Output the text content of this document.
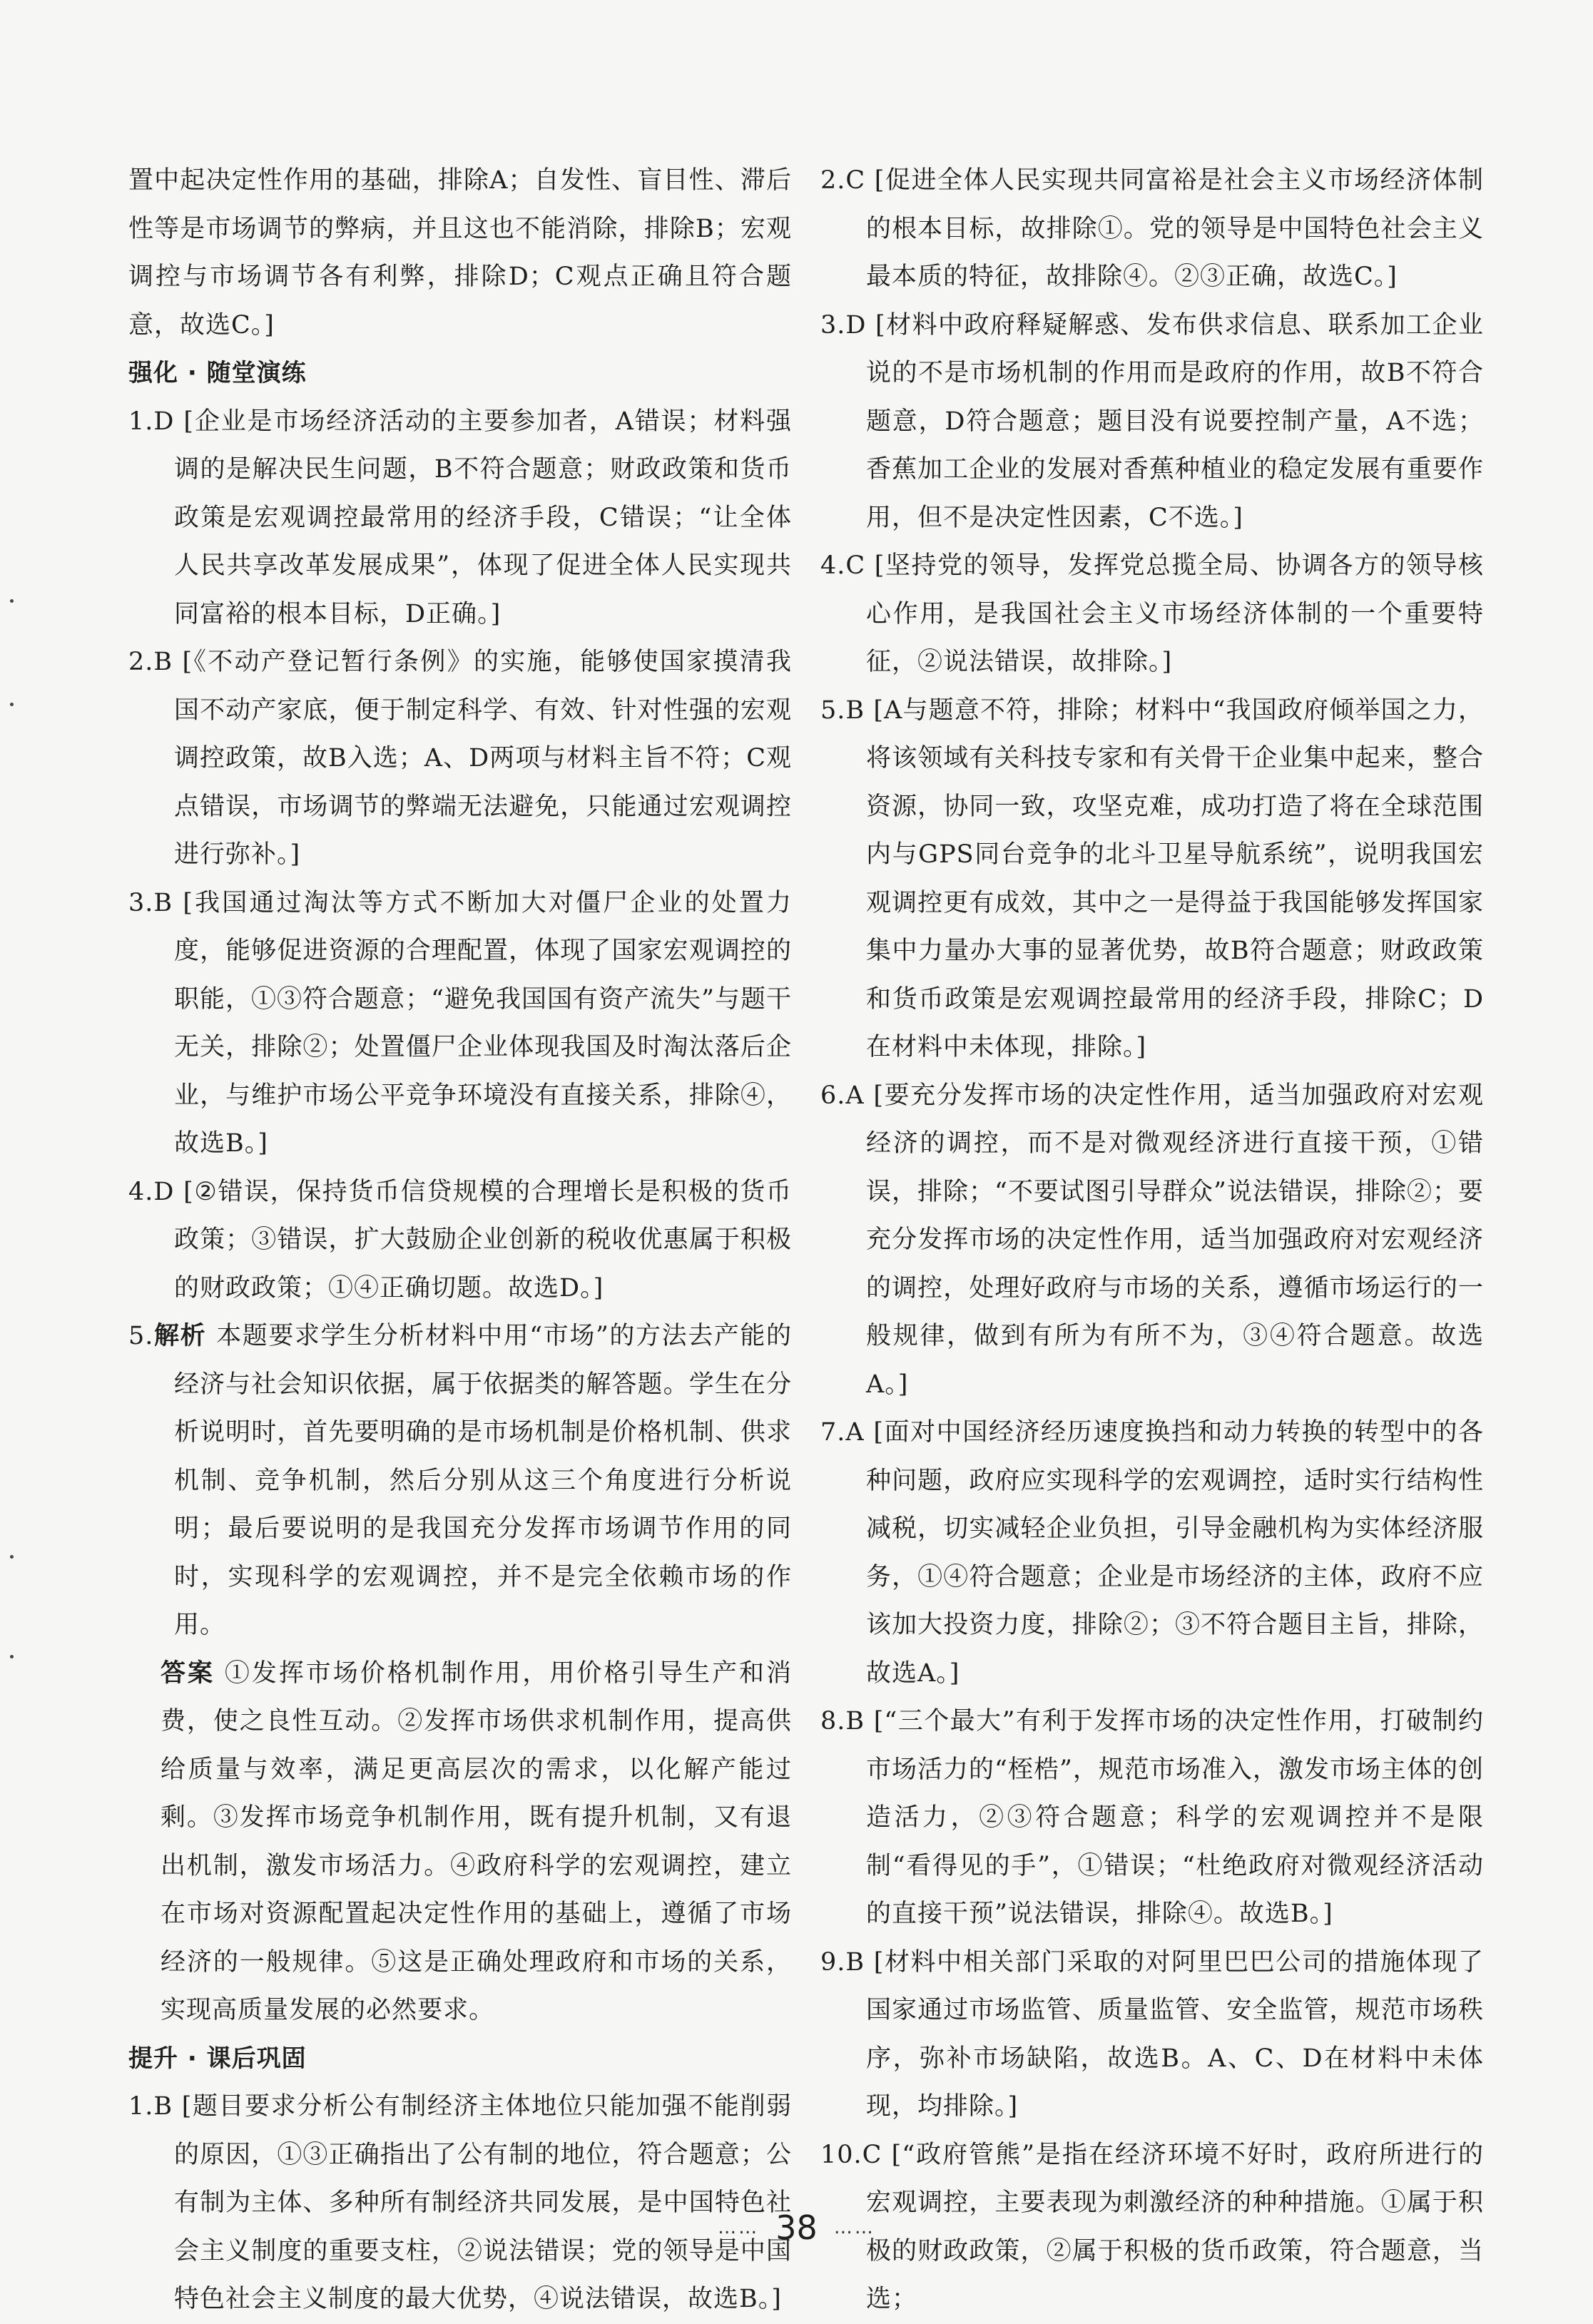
置中起决定性作用的基础，排除A；自发性、盲目性、滞后性等是市场调节的弊病，并且这也不能消除，排除B；宏观调控与市场调节各有利弊，排除D；C观点正确且符合题意，故选C。]
强化 · 随堂演练
1.D [企业是市场经济活动的主要参加者，A错误；材料强调的是解决民生问题，B不符合题意；财政政策和货币政策是宏观调控最常用的经济手段，C错误；“让全体人民共享改革发展成果”，体现了促进全体人民实现共同富裕的根本目标，D正确。]
2.B [《不动产登记暂行条例》的实施，能够使国家摸清我国不动产家底，便于制定科学、有效、针对性强的宏观调控政策，故B入选；A、D两项与材料主旨不符；C观点错误，市场调节的弊端无法避免，只能通过宏观调控进行弥补。]
3.B [我国通过淘汰等方式不断加大对僵尸企业的处置力度，能够促进资源的合理配置，体现了国家宏观调控的职能，①③符合题意；“避免我国国有资产流失”与题干无关，排除②；处置僵尸企业体现我国及时淘汰落后企业，与维护市场公平竞争环境没有直接关系，排除④，故选B。]
4.D [②错误，保持货币信贷规模的合理增长是积极的货币政策；③错误，扩大鼓励企业创新的税收优惠属于积极的财政政策；①④正确切题。故选D。]
5.解析 本题要求学生分析材料中用“市场”的方法去产能的经济与社会知识依据，属于依据类的解答题。学生在分析说明时，首先要明确的是市场机制是价格机制、供求机制、竞争机制，然后分别从这三个角度进行分析说明；最后要说明的是我国充分发挥市场调节作用的同时，实现科学的宏观调控，并不是完全依赖市场的作用。
答案 ①发挥市场价格机制作用，用价格引导生产和消费，使之良性互动。②发挥市场供求机制作用，提高供给质量与效率，满足更高层次的需求，以化解产能过剩。③发挥市场竞争机制作用，既有提升机制，又有退出机制，激发市场活力。④政府科学的宏观调控，建立在市场对资源配置起决定性作用的基础上，遵循了市场经济的一般规律。⑤这是正确处理政府和市场的关系，实现高质量发展的必然要求。
提升 · 课后巩固
1.B [题目要求分析公有制经济主体地位只能加强不能削弱的原因，①③正确指出了公有制的地位，符合题意；公有制为主体、多种所有制经济共同发展，是中国特色社会主义制度的重要支柱，②说法错误；党的领导是中国特色社会主义制度的最大优势，④说法错误，故选B。]
2.C [促进全体人民实现共同富裕是社会主义市场经济体制的根本目标，故排除①。党的领导是中国特色社会主义最本质的特征，故排除④。②③正确，故选C。]
3.D [材料中政府释疑解惑、发布供求信息、联系加工企业说的不是市场机制的作用而是政府的作用，故B不符合题意，D符合题意；题目没有说要控制产量，A不选；香蕉加工企业的发展对香蕉种植业的稳定发展有重要作用，但不是决定性因素，C不选。]
4.C [坚持党的领导，发挥党总揽全局、协调各方的领导核心作用，是我国社会主义市场经济体制的一个重要特征，②说法错误，故排除。]
5.B [A与题意不符，排除；材料中“我国政府倾举国之力，将该领域有关科技专家和有关骨干企业集中起来，整合资源，协同一致，攻坚克难，成功打造了将在全球范围内与GPS同台竞争的北斗卫星导航系统”，说明我国宏观调控更有成效，其中之一是得益于我国能够发挥国家集中力量办大事的显著优势，故B符合题意；财政政策和货币政策是宏观调控最常用的经济手段，排除C；D在材料中未体现，排除。]
6.A [要充分发挥市场的决定性作用，适当加强政府对宏观经济的调控，而不是对微观经济进行直接干预，①错误，排除；“不要试图引导群众”说法错误，排除②；要充分发挥市场的决定性作用，适当加强政府对宏观经济的调控，处理好政府与市场的关系，遵循市场运行的一般规律，做到有所为有所不为，③④符合题意。故选A。]
7.A [面对中国经济经历速度换挡和动力转换的转型中的各种问题，政府应实现科学的宏观调控，适时实行结构性减税，切实减轻企业负担，引导金融机构为实体经济服务，①④符合题意；企业是市场经济的主体，政府不应该加大投资力度，排除②；③不符合题目主旨，排除，故选A。]
8.B [“三个最大”有利于发挥市场的决定性作用，打破制约市场活力的“桎梏”，规范市场准入，激发市场主体的创造活力，②③符合题意；科学的宏观调控并不是限制“看得见的手”，①错误；“杜绝政府对微观经济活动的直接干预”说法错误，排除④。故选B。]
9.B [材料中相关部门采取的对阿里巴巴公司的措施体现了国家通过市场监管、质量监管、安全监管，规范市场秩序，弥补市场缺陷，故选B。A、C、D在材料中未体现，均排除。]
10.C [“政府管熊”是指在经济环境不好时，政府所进行的宏观调控，主要表现为刺激经济的种种措施。①属于积极的财政政策，②属于积极的货币政策，符合题意，当选；
…… 38 ……
